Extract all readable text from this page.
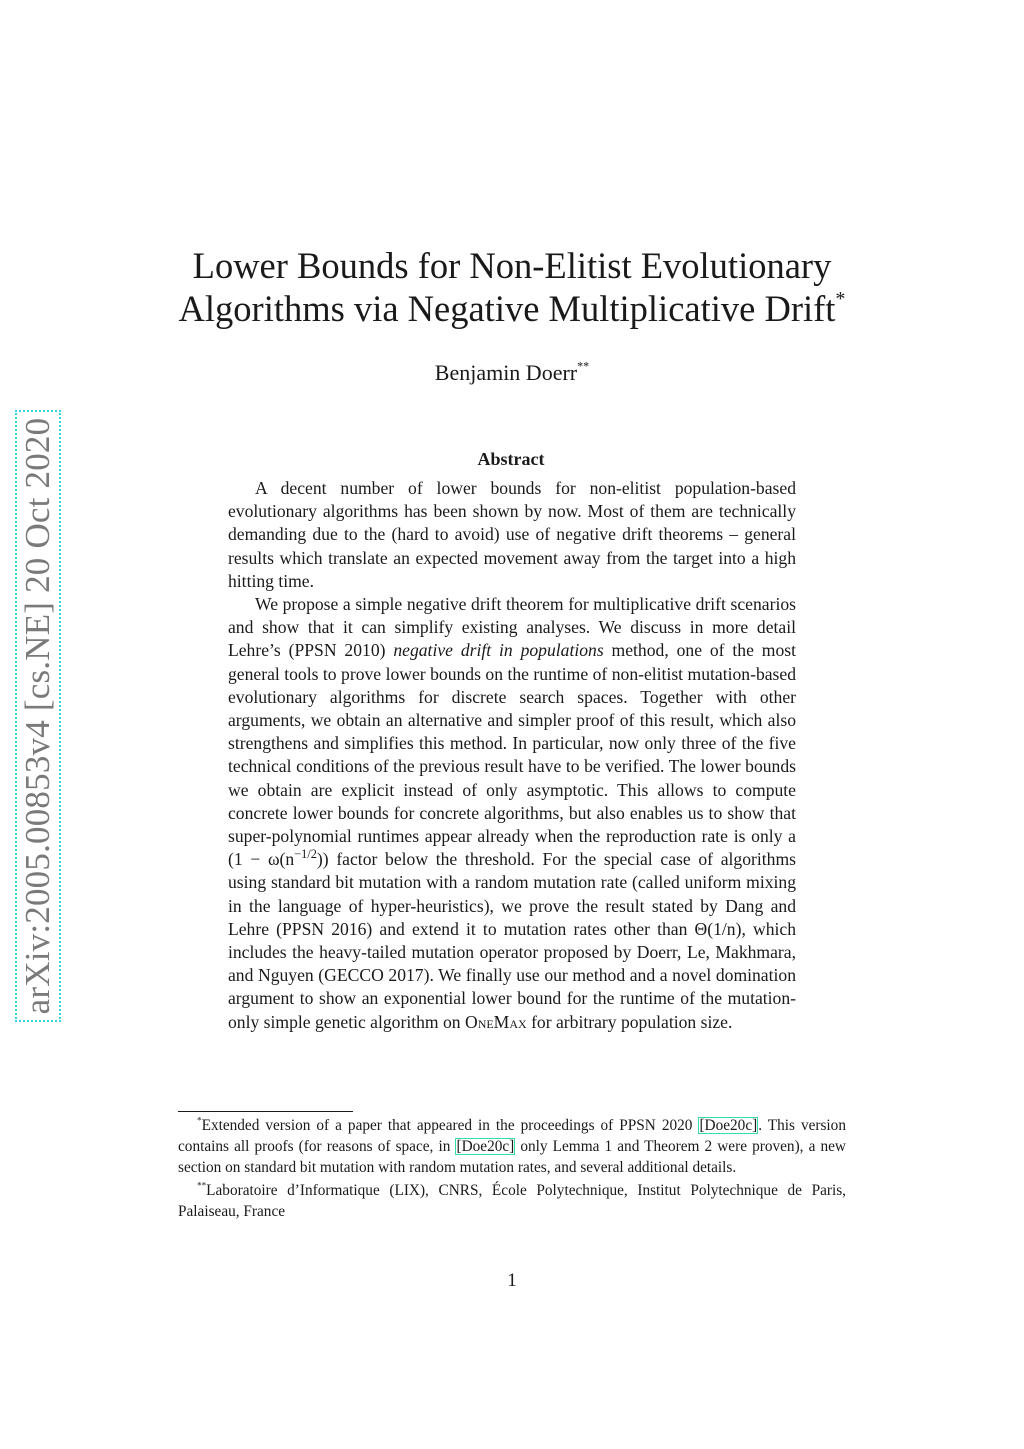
arXiv:2005.00853v4 [cs.NE] 20 Oct 2020
Lower Bounds for Non-Elitist Evolutionary
Algorithms via Negative Multiplicative Drift*
Benjamin Doerr**
Abstract

A decent number of lower bounds for non-elitist population-based evolutionary algorithms has been shown by now. Most of them are technically demanding due to the (hard to avoid) use of negative drift theorems – general results which translate an expected movement away from the target into a high hitting time.

We propose a simple negative drift theorem for multiplicative drift scenarios and show that it can simplify existing analyses. We discuss in more detail Lehre’s (PPSN 2010) negative drift in populations method, one of the most general tools to prove lower bounds on the runtime of non-elitist mutation-based evolutionary algorithms for discrete search spaces. Together with other arguments, we obtain an alternative and simpler proof of this result, which also strengthens and simplifies this method. In particular, now only three of the five technical conditions of the previous result have to be verified. The lower bounds we obtain are explicit instead of only asymptotic. This allows to compute concrete lower bounds for concrete algorithms, but also enables us to show that super-polynomial runtimes appear already when the reproduction rate is only a $(1 - \omega(n^{-1/2}))$ factor below the threshold. For the special case of algorithms using standard bit mutation with a random mutation rate (called uniform mixing in the language of hyper-heuristics), we prove the result stated by Dang and Lehre (PPSN 2016) and extend it to mutation rates other than Θ(1/n), which includes the heavy-tailed mutation operator proposed by Doerr, Le, Makhmara, and Nguyen (GECCO 2017). We finally use our method and a novel domination argument to show an exponential lower bound for the runtime of the mutation-only simple genetic algorithm on OneMax for arbitrary population size.

*Extended version of a paper that appeared in the proceedings of PPSN 2020 [Doe20c]. This version contains all proofs (for reasons of space, in [Doe20c] only Lemma 1 and Theorem 2 were proven), a new section on standard bit mutation with random mutation rates, and several additional details.

**Laboratoire d’Informatique (LIX), CNRS, École Polytechnique, Institut Polytechnique de Paris, Palaiseau, France

1
